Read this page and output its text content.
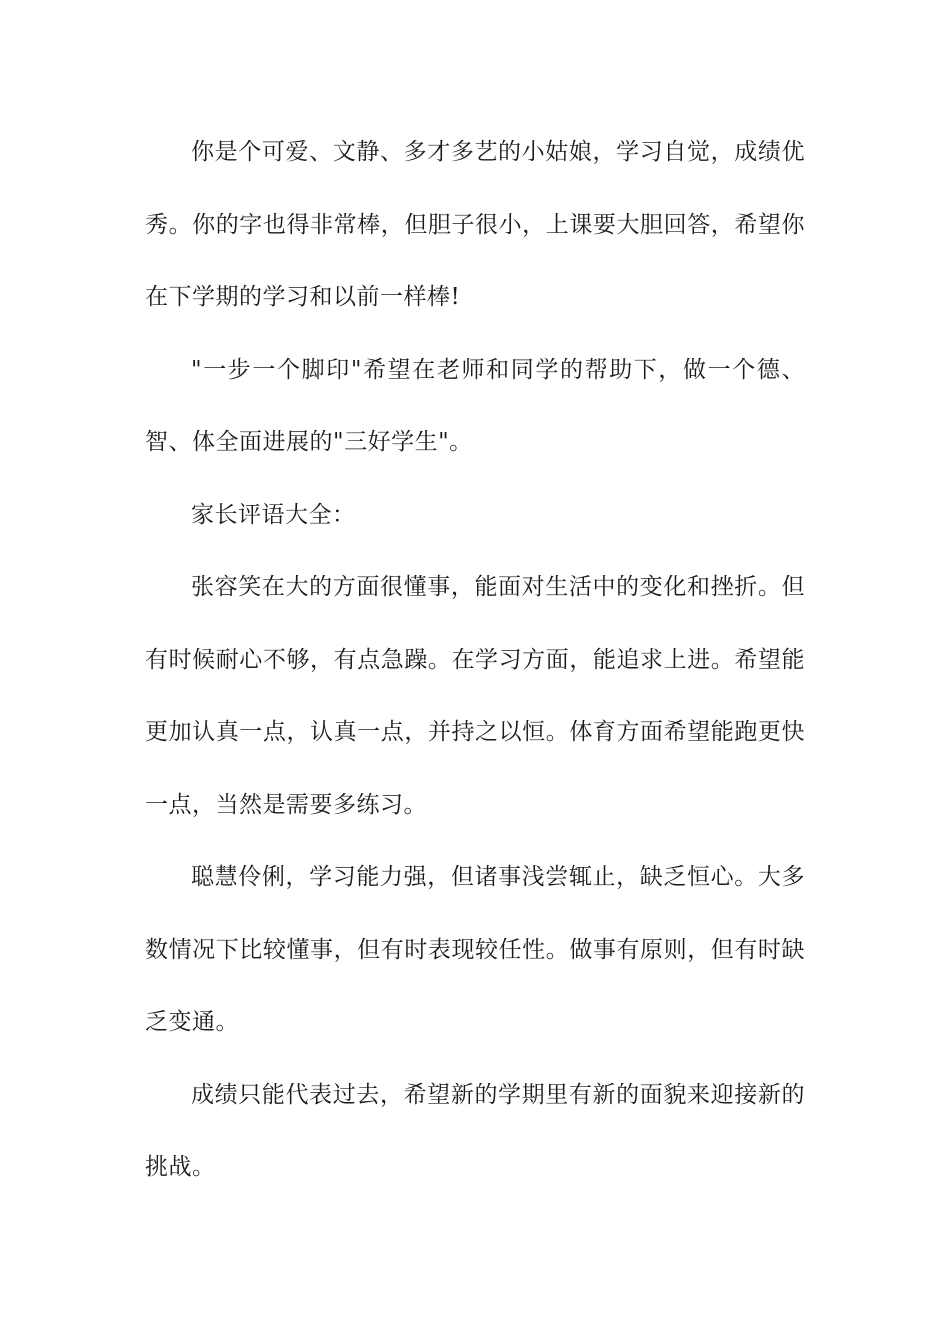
你是个可爱、文静、多才多艺的小姑娘，学习自觉，成绩优秀。你的字也得非常棒，但胆子很小，上课要大胆回答，希望你在下学期的学习和以前一样棒!

"一步一个脚印"希望在老师和同学的帮助下，做一个德、智、体全面进展的"三好学生"。

家长评语大全：

张容笑在大的方面很懂事，能面对生活中的变化和挫折。但有时候耐心不够，有点急躁。在学习方面，能追求上进。希望能更加认真一点，认真一点，并持之以恒。体育方面希望能跑更快一点，当然是需要多练习。

聪慧伶俐，学习能力强，但诸事浅尝辄止，缺乏恒心。大多数情况下比较懂事，但有时表现较任性。做事有原则，但有时缺乏变通。

成绩只能代表过去，希望新的学期里有新的面貌来迎接新的挑战。
